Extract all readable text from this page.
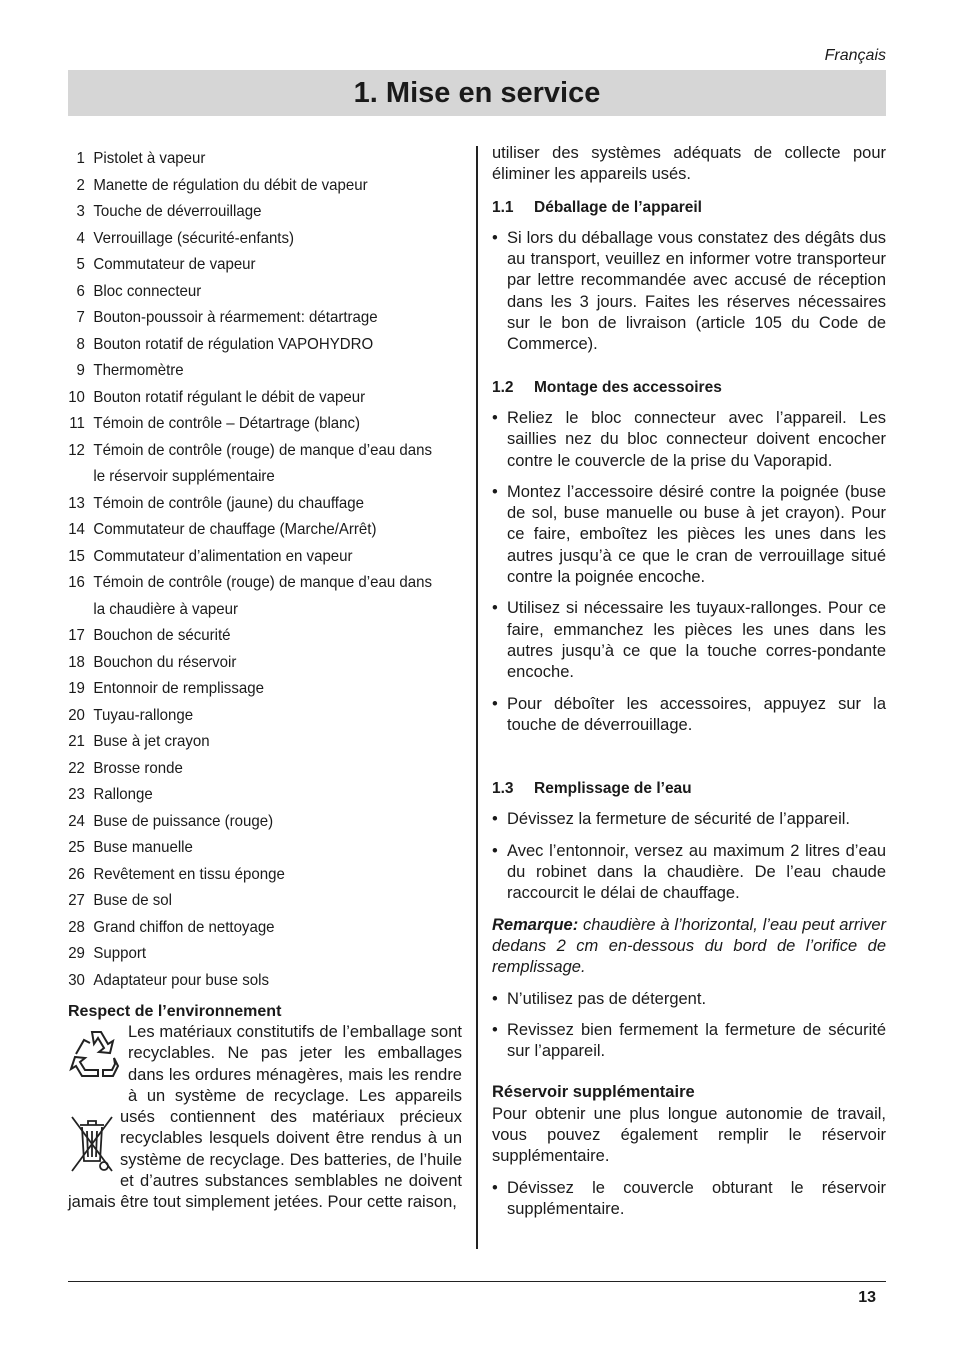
Français
1. Mise en service
1 Pistolet à vapeur
2 Manette de régulation du débit de vapeur
3 Touche de déverrouillage
4 Verrouillage (sécurité-enfants)
5 Commutateur de vapeur
6 Bloc connecteur
7 Bouton-poussoir à réarmement: détartrage
8 Bouton rotatif de régulation VAPOHYDRO
9 Thermomètre
10 Bouton rotatif régulant le débit de vapeur
11 Témoin de contrôle – Détartrage (blanc)
12 Témoin de contrôle (rouge) de manque d’eau dans le réservoir supplémentaire
13 Témoin de contrôle (jaune) du chauffage
14 Commutateur de chauffage (Marche/Arrêt)
15 Commutateur d’alimentation en vapeur
16 Témoin de contrôle (rouge) de manque d’eau dans la chaudière à vapeur
17 Bouchon de sécurité
18 Bouchon du réservoir
19 Entonnoir de remplissage
20 Tuyau-rallonge
21 Buse à jet crayon
22 Brosse ronde
23 Rallonge
24 Buse de puissance (rouge)
25 Buse manuelle
26 Revêtement en tissu éponge
27 Buse de sol
28 Grand chiffon de nettoyage
29 Support
30 Adaptateur pour buse sols
Respect de l’environnement
Les matériaux constitutifs de l’emballage sont recyclables. Ne pas jeter les emballages dans les ordures ménagères, mais les rendre à un système de recyclage. Les appareils usés contiennent des matériaux précieux recyclables lesquels doivent être rendus à un système de recyclage. Des batteries, de l’huile et d’autres substances semblables ne doivent jamais être tout simplement jetées. Pour cette raison,

utiliser des systèmes adéquats de collecte pour éliminer les appareils usés.

1.1 Déballage de l’appareil
• Si lors du déballage vous constatez des dégâts dus au transport, veuillez en informer votre transporteur par lettre recommandée avec accusé de réception dans les 3 jours. Faites les réserves nécessaires sur le bon de livraison (article 105 du Code de Commerce).
1.2 Montage des accessoires
• Reliez le bloc connecteur avec l’appareil. Les saillies nez du bloc connecteur doivent encocher contre le couvercle de la prise du Vaporapid.
• Montez l’accessoire désiré contre la poignée (buse de sol, buse manuelle ou buse à jet crayon). Pour ce faire, emboîtez les pièces les unes dans les autres jusqu’à ce que le cran de verrouillage situé contre la poignée encoche.
• Utilisez si nécessaire les tuyaux-rallonges. Pour ce faire, emmanchez les pièces les unes dans les autres jusqu’à ce que la touche corres-pondante encoche.
• Pour déboîter les accessoires, appuyez sur la touche de déverrouillage.
1.3 Remplissage de l’eau
• Dévissez la fermeture de sécurité de l’appareil.
• Avec l’entonnoir, versez au maximum 2 litres d’eau du robinet dans la chaudière. De l’eau chaude raccourcit le délai de chauffage.

Remarque: chaudière à l’horizontal, l’eau peut arriver dedans 2 cm en-dessous du bord de l’orifice de remplissage.

• N’utilisez pas de détergent.
• Revissez bien fermement la fermeture de sécurité sur l’appareil.

Réservoir supplémentaire

Pour obtenir une plus longue autonomie de travail, vous pouvez également remplir le réservoir supplémentaire.

• Dévissez le couvercle obturant le réservoir supplémentaire.
13
